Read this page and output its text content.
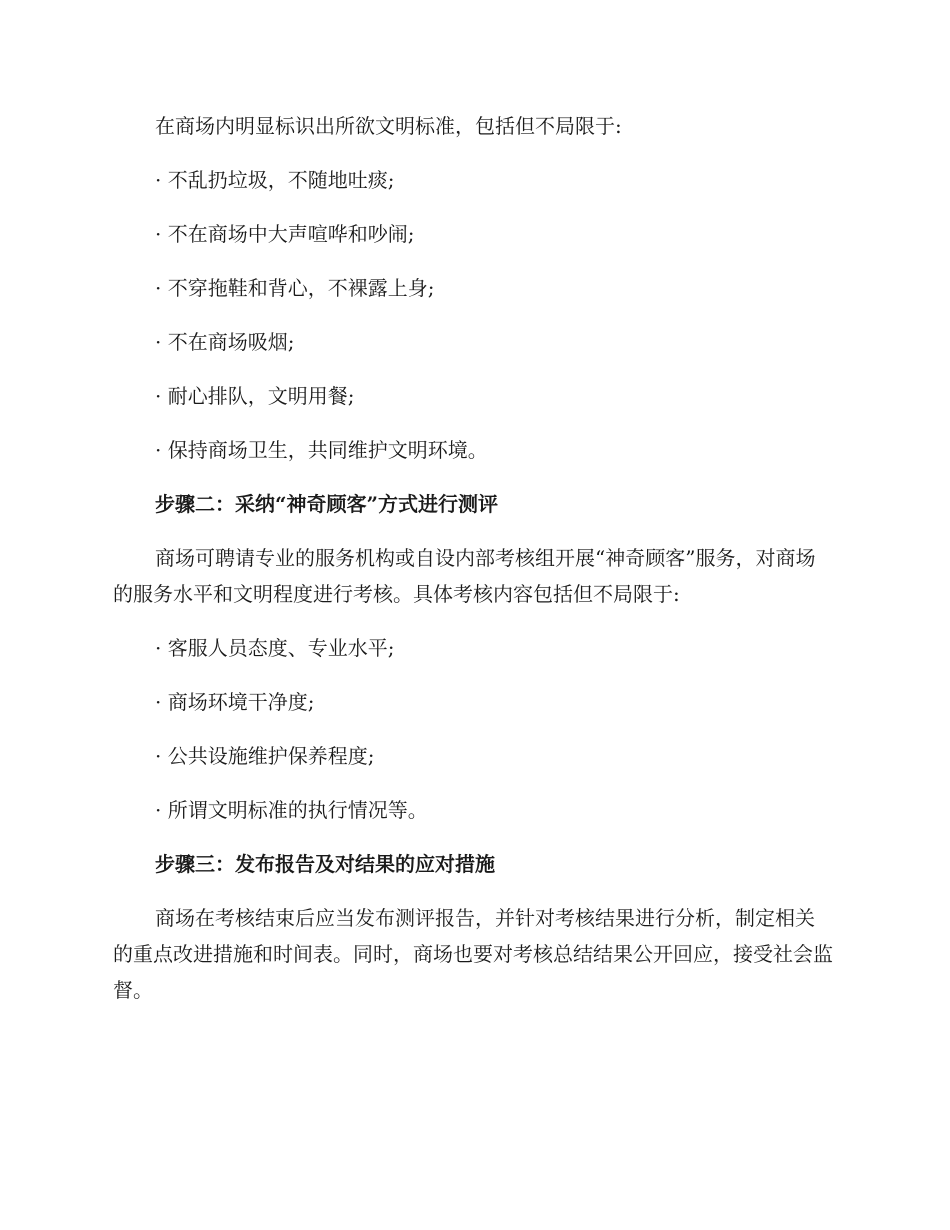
在商场内明显标识出所欲文明标准，包括但不局限于:

· 不乱扔垃圾，不随地吐痰;

· 不在商场中大声喧哗和吵闹;

· 不穿拖鞋和背心，不裸露上身;

· 不在商场吸烟;

· 耐心排队，文明用餐;

· 保持商场卫生，共同维护文明环境。

步骤二：采纳“神奇顾客”方式进行测评

商场可聘请专业的服务机构或自设内部考核组开展“神奇顾客”服务，对商场的服务水平和文明程度进行考核。具体考核内容包括但不局限于:

· 客服人员态度、专业水平;

· 商场环境干净度;

· 公共设施维护保养程度;

· 所谓文明标准的执行情况等。

步骤三：发布报告及对结果的应对措施

商场在考核结束后应当发布测评报告，并针对考核结果进行分析，制定相关的重点改进措施和时间表。同时，商场也要对考核总结结果公开回应，接受社会监督。
